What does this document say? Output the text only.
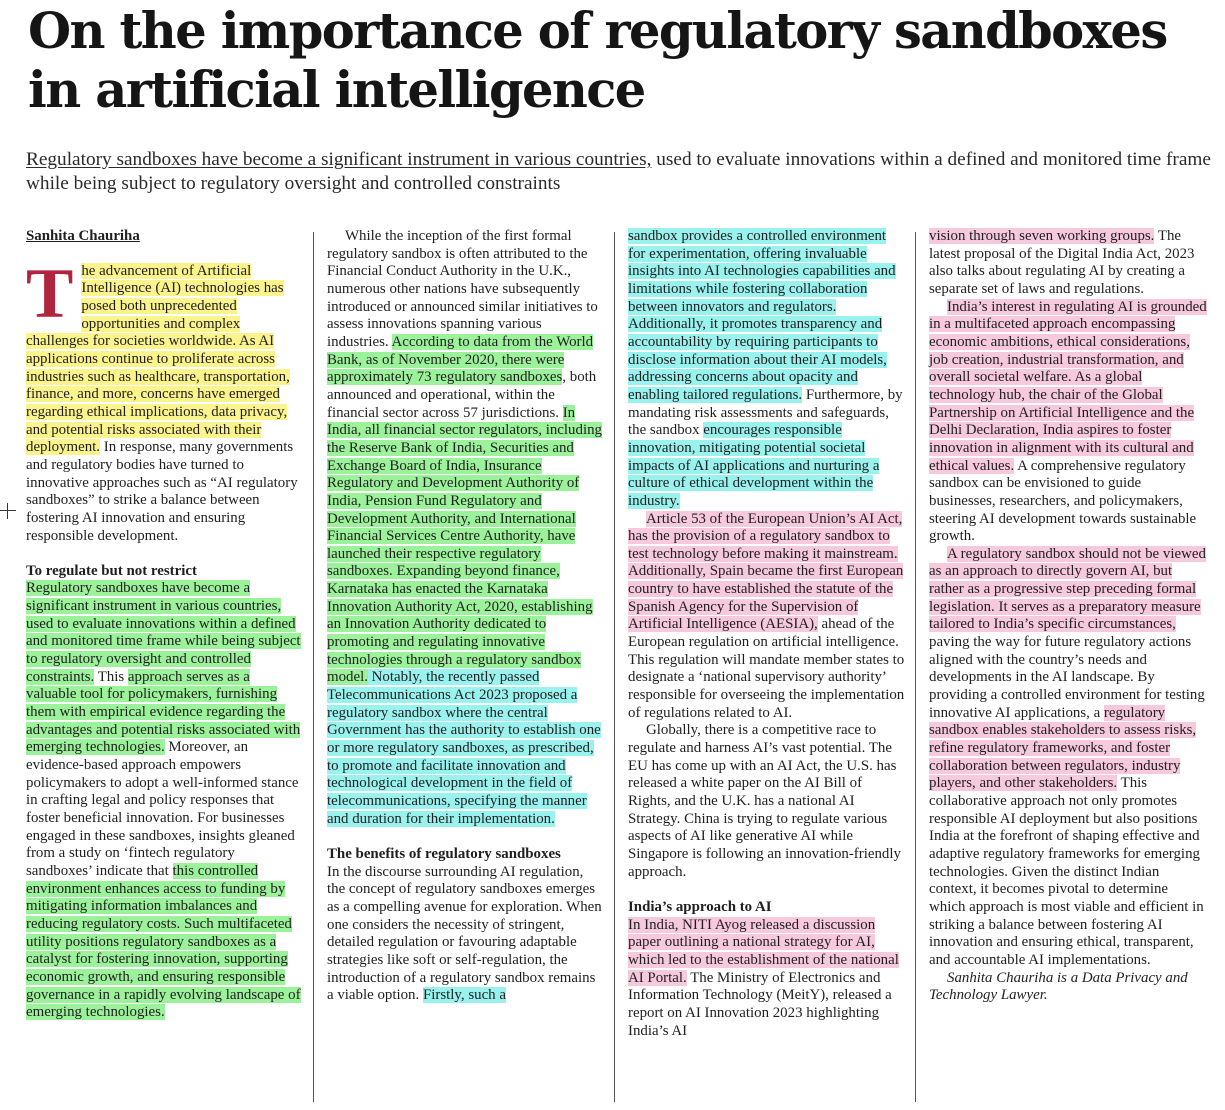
On the importance of regulatory sandboxes in artificial intelligence

Regulatory sandboxes have become a significant instrument in various countries, used to evaluate innovations within a defined and monitored time frame while being subject to regulatory oversight and controlled constraints

Sanhita Chauriha

The advancement of Artificial Intelligence (AI) technologies has posed both unprecedented opportunities and complex challenges for societies worldwide. As AI applications continue to proliferate across industries such as healthcare, transportation, finance, and more, concerns have emerged regarding ethical implications, data privacy, and potential risks associated with their deployment. In response, many governments and regulatory bodies have turned to innovative approaches such as “AI regulatory sandboxes” to strike a balance between fostering AI innovation and ensuring responsible development.

To regulate but not restrict

Regulatory sandboxes have become a significant instrument in various countries, used to evaluate innovations within a defined and monitored time frame while being subject to regulatory oversight and controlled constraints. This approach serves as a valuable tool for policymakers, furnishing them with empirical evidence regarding the advantages and potential risks associated with emerging technologies. Moreover, an evidence-based approach empowers policymakers to adopt a well-informed stance in crafting legal and policy responses that foster beneficial innovation. For businesses engaged in these sandboxes, insights gleaned from a study on ‘fintech regulatory sandboxes’ indicate that this controlled environment enhances access to funding by mitigating information imbalances and reducing regulatory costs. Such multifaceted utility positions regulatory sandboxes as a catalyst for fostering innovation, supporting economic growth, and ensuring responsible governance in a rapidly evolving landscape of emerging technologies.

While the inception of the first formal regulatory sandbox is often attributed to the Financial Conduct Authority in the U.K., numerous other nations have subsequently introduced or announced similar initiatives to assess innovations spanning various industries. According to data from the World Bank, as of November 2020, there were approximately 73 regulatory sandboxes, both announced and operational, within the financial sector across 57 jurisdictions. In India, all financial sector regulators, including the Reserve Bank of India, Securities and Exchange Board of India, Insurance Regulatory and Development Authority of India, Pension Fund Regulatory and Development Authority, and International Financial Services Centre Authority, have launched their respective regulatory sandboxes. Expanding beyond finance, Karnataka has enacted the Karnataka Innovation Authority Act, 2020, establishing an Innovation Authority dedicated to promoting and regulating innovative technologies through a regulatory sandbox model. Notably, the recently passed Telecommunications Act 2023 proposed a regulatory sandbox where the central Government has the authority to establish one or more regulatory sandboxes, as prescribed, to promote and facilitate innovation and technological development in the field of telecommunications, specifying the manner and duration for their implementation.

The benefits of regulatory sandboxes

In the discourse surrounding AI regulation, the concept of regulatory sandboxes emerges as a compelling avenue for exploration. When one considers the necessity of stringent, detailed regulation or favouring adaptable strategies like soft or self-regulation, the introduction of a regulatory sandbox remains a viable option. Firstly, such a

sandbox provides a controlled environment for experimentation, offering invaluable insights into AI technologies capabilities and limitations while fostering collaboration between innovators and regulators. Additionally, it promotes transparency and accountability by requiring participants to disclose information about their AI models, addressing concerns about opacity and enabling tailored regulations. Furthermore, by mandating risk assessments and safeguards, the sandbox encourages responsible innovation, mitigating potential societal impacts of AI applications and nurturing a culture of ethical development within the industry.

Article 53 of the European Union’s AI Act, has the provision of a regulatory sandbox to test technology before making it mainstream. Additionally, Spain became the first European country to have established the statute of the Spanish Agency for the Supervision of Artificial Intelligence (AESIA), ahead of the European regulation on artificial intelligence. This regulation will mandate member states to designate a ‘national supervisory authority’ responsible for overseeing the implementation of regulations related to AI.

Globally, there is a competitive race to regulate and harness AI’s vast potential. The EU has come up with an AI Act, the U.S. has released a white paper on the AI Bill of Rights, and the U.K. has a national AI Strategy. China is trying to regulate various aspects of AI like generative AI while Singapore is following an innovation-friendly approach.

India’s approach to AI

In India, NITI Ayog released a discussion paper outlining a national strategy for AI, which led to the establishment of the national AI Portal. The Ministry of Electronics and Information Technology (MeitY), released a report on AI Innovation 2023 highlighting India’s AI

vision through seven working groups. The latest proposal of the Digital India Act, 2023 also talks about regulating AI by creating a separate set of laws and regulations.

India’s interest in regulating AI is grounded in a multifaceted approach encompassing economic ambitions, ethical considerations, job creation, industrial transformation, and overall societal welfare. As a global technology hub, the chair of the Global Partnership on Artificial Intelligence and the Delhi Declaration, India aspires to foster innovation in alignment with its cultural and ethical values. A comprehensive regulatory sandbox can be envisioned to guide businesses, researchers, and policymakers, steering AI development towards sustainable growth.

A regulatory sandbox should not be viewed as an approach to directly govern AI, but rather as a progressive step preceding formal legislation. It serves as a preparatory measure tailored to India’s specific circumstances, paving the way for future regulatory actions aligned with the country’s needs and developments in the AI landscape. By providing a controlled environment for testing innovative AI applications, a regulatory sandbox enables stakeholders to assess risks, refine regulatory frameworks, and foster collaboration between regulators, industry players, and other stakeholders. This collaborative approach not only promotes responsible AI deployment but also positions India at the forefront of shaping effective and adaptive regulatory frameworks for emerging technologies. Given the distinct Indian context, it becomes pivotal to determine which approach is most viable and efficient in striking a balance between fostering AI innovation and ensuring ethical, transparent, and accountable AI implementations.

Sanhita Chauriha is a Data Privacy and Technology Lawyer.
